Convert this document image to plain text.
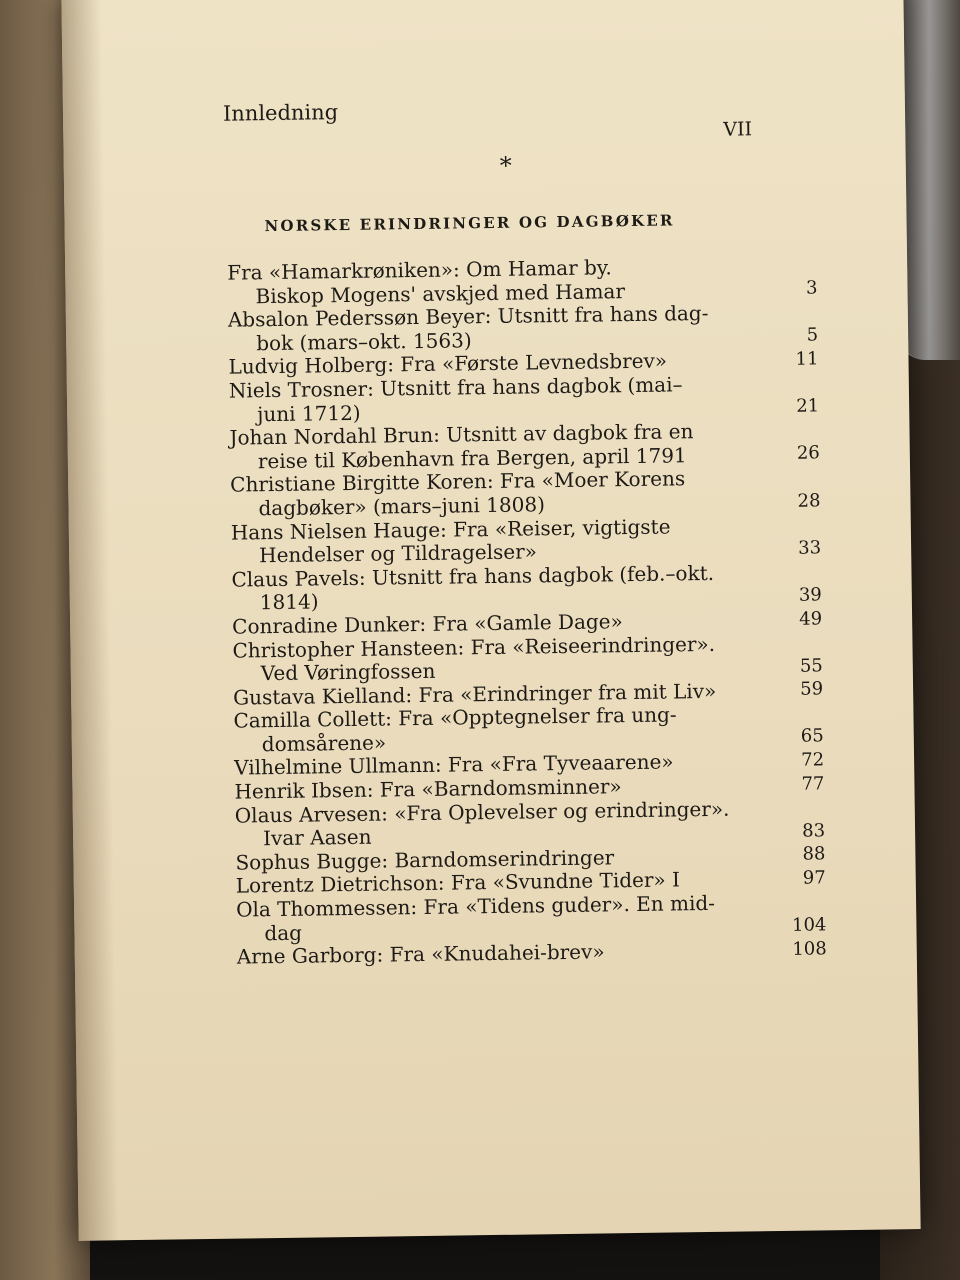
Innledning
VII
*
NORSKE ERINDRINGER OG DAGBØKER
Fra «Hamarkrøniken»: Om Hamar by.
Biskop Mogens' avskjed med Hamar	3
Absalon Pederssøn Beyer: Utsnitt fra hans dag-
bok (mars–okt. 1563)	5
Ludvig Holberg: Fra «Første Levnedsbrev»	11
Niels Trosner: Utsnitt fra hans dagbok (mai–
juni 1712)	21
Johan Nordahl Brun: Utsnitt av dagbok fra en
reise til København fra Bergen, april 1791	26
Christiane Birgitte Koren: Fra «Moer Korens
dagbøker» (mars–juni 1808)	28
Hans Nielsen Hauge: Fra «Reiser, vigtigste
Hendelser og Tildragelser»	33
Claus Pavels: Utsnitt fra hans dagbok (feb.–okt.
1814)	39
Conradine Dunker: Fra «Gamle Dage»	49
Christopher Hansteen: Fra «Reiseerindringer».
Ved Vøringfossen	55
Gustava Kielland: Fra «Erindringer fra mit Liv»	59
Camilla Collett: Fra «Opptegnelser fra ung-
domsårene»	65
Vilhelmine Ullmann: Fra «Fra Tyveaarene»	72
Henrik Ibsen: Fra «Barndomsminner»	77
Olaus Arvesen: «Fra Oplevelser og erindringer».
Ivar Aasen	83
Sophus Bugge: Barndomserindringer	88
Lorentz Dietrichson: Fra «Svundne Tider» I	97
Ola Thommessen: Fra «Tidens guder». En mid-
dag	104
Arne Garborg: Fra «Knudahei-brev»	108
